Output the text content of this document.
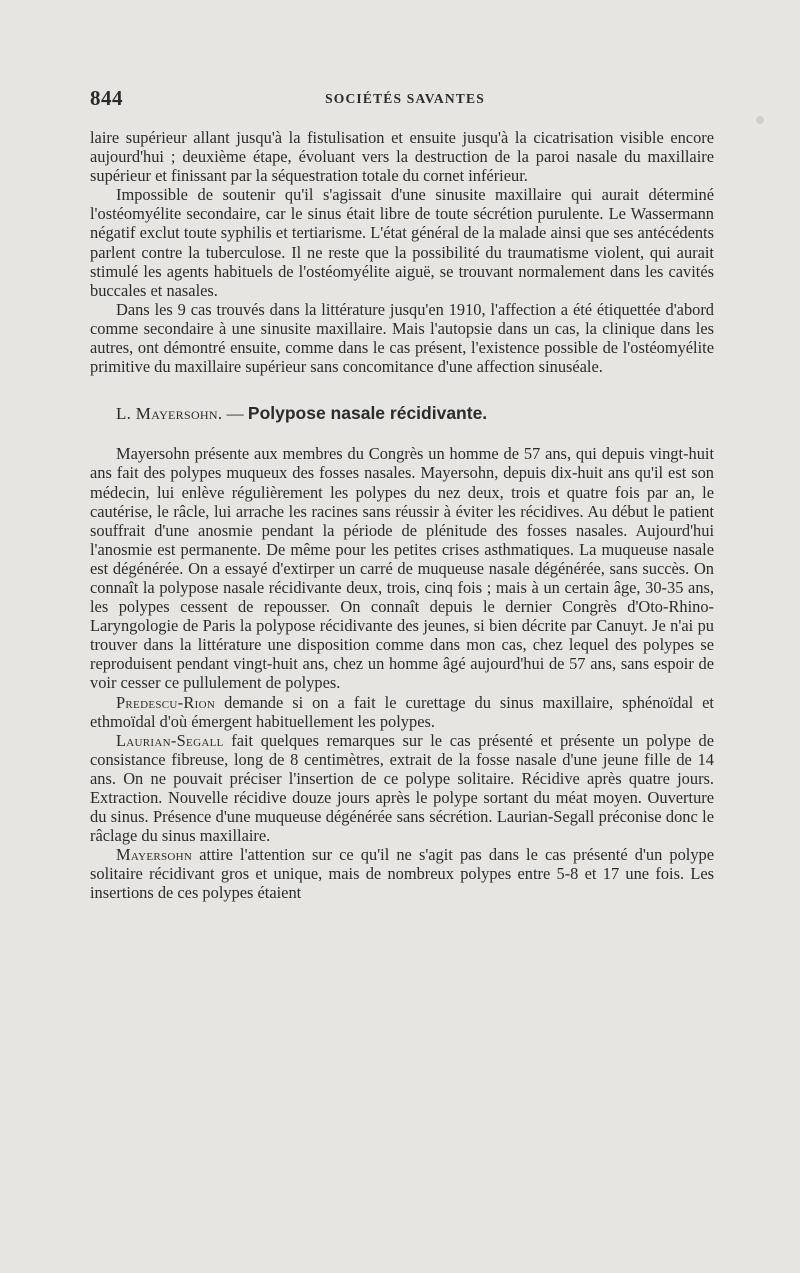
844	SOCIÉTÉS SAVANTES

laire supérieur allant jusqu'à la fistulisation et ensuite jusqu'à la cicatrisation visible encore aujourd'hui ; deuxième étape, évoluant vers la destruction de la paroi nasale du maxillaire supérieur et finissant par la séquestration totale du cornet inférieur.

Impossible de soutenir qu'il s'agissait d'une sinusite maxillaire qui aurait déterminé l'ostéomyélite secondaire, car le sinus était libre de toute sécrétion purulente. Le Wassermann négatif exclut toute syphilis et tertiarisme. L'état général de la malade ainsi que ses antécédents parlent contre la tuberculose. Il ne reste que la possibilité du traumatisme violent, qui aurait stimulé les agents habituels de l'ostéomyélite aiguë, se trouvant normalement dans les cavités buccales et nasales.

Dans les 9 cas trouvés dans la littérature jusqu'en 1910, l'affection a été étiquettée d'abord comme secondaire à une sinusite maxillaire. Mais l'autopsie dans un cas, la clinique dans les autres, ont démontré ensuite, comme dans le cas présent, l'existence possible de l'ostéomyélite primitive du maxillaire supérieur sans concomitance d'une affection sinuséale.

L. Mayersohn. — Polypose nasale récidivante.

Mayersohn présente aux membres du Congrès un homme de 57 ans, qui depuis vingt-huit ans fait des polypes muqueux des fosses nasales. Mayersohn, depuis dix-huit ans qu'il est son médecin, lui enlève régulièrement les polypes du nez deux, trois et quatre fois par an, le cautérise, le râcle, lui arrache les racines sans réussir à éviter les récidives. Au début le patient souffrait d'une anosmie pendant la période de plénitude des fosses nasales. Aujourd'hui l'anosmie est permanente. De même pour les petites crises asthmatiques. La muqueuse nasale est dégénérée. On a essayé d'extirper un carré de muqueuse nasale dégénérée, sans succès. On connaît la polypose nasale récidivante deux, trois, cinq fois ; mais à un certain âge, 30-35 ans, les polypes cessent de repousser. On connaît depuis le dernier Congrès d'Oto-Rhino-Laryngologie de Paris la polypose récidivante des jeunes, si bien décrite par Canuyt. Je n'ai pu trouver dans la littérature une disposition comme dans mon cas, chez lequel des polypes se reproduisent pendant vingt-huit ans, chez un homme âgé aujourd'hui de 57 ans, sans espoir de voir cesser ce pullulement de polypes.

Predescu-Rion demande si on a fait le curettage du sinus maxillaire, sphénoïdal et ethmoïdal d'où émergent habituellement les polypes.

Laurian-Segall fait quelques remarques sur le cas présenté et présente un polype de consistance fibreuse, long de 8 centimètres, extrait de la fosse nasale d'une jeune fille de 14 ans. On ne pouvait préciser l'insertion de ce polype solitaire. Récidive après quatre jours. Extraction. Nouvelle récidive douze jours après le polype sortant du méat moyen. Ouverture du sinus. Présence d'une muqueuse dégénérée sans sécrétion. Laurian-Segall préconise donc le râclage du sinus maxillaire.

Mayersohn attire l'attention sur ce qu'il ne s'agit pas dans le cas présenté d'un polype solitaire récidivant gros et unique, mais de nombreux polypes entre 5-8 et 17 une fois. Les insertions de ces polypes étaient
